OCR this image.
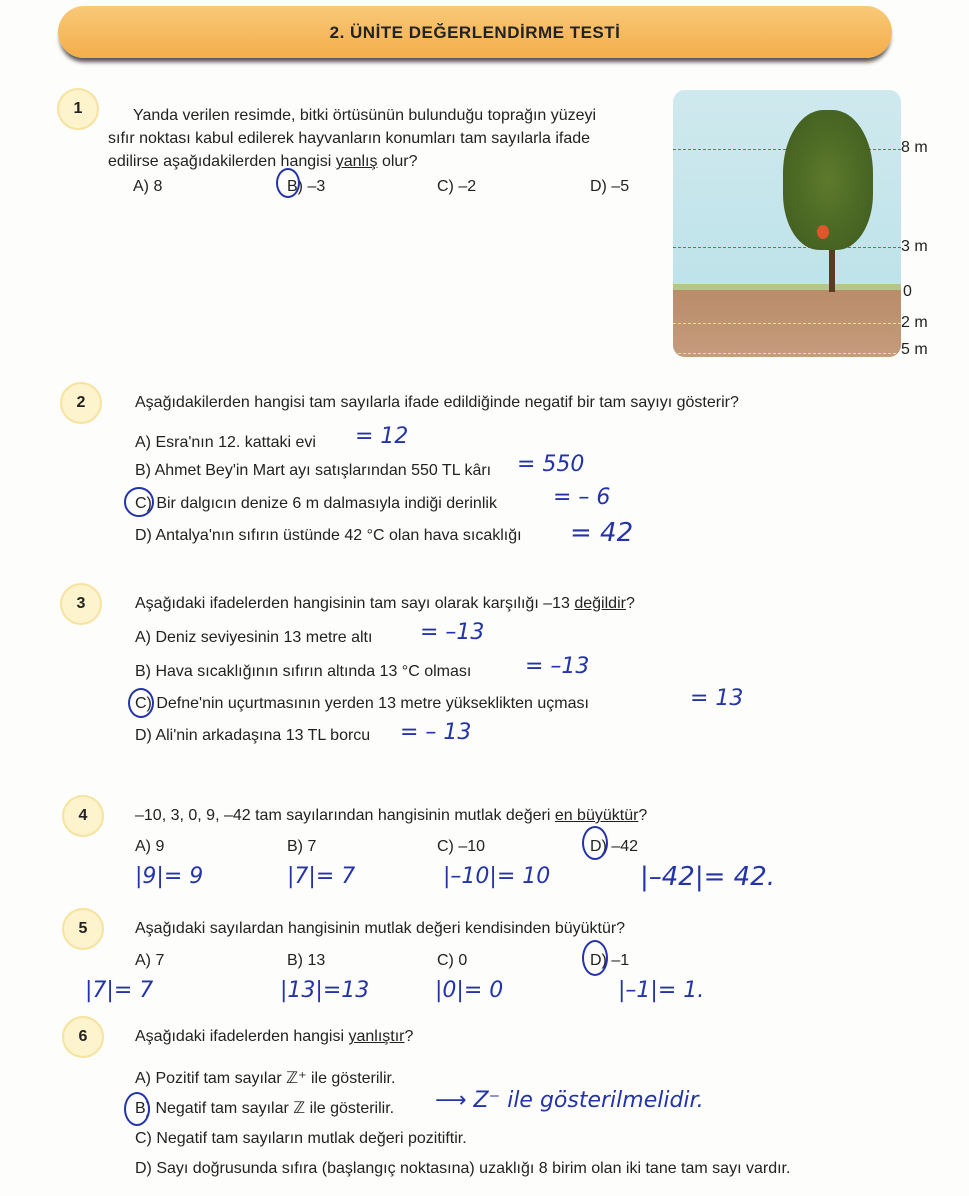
2. ÜNİTE DEĞERLENDİRME TESTİ
1	Yanda verilen resimde, bitki örtüsünün bulunduğu toprağın yüzeyi
sıfır noktası kabul edilerek hayvanların konumları tam sayılarla ifade
edilirse aşağıdakilerden hangisi yanlış olur?
A) 8	B) –3	C) –2	D) –5
8 m
3 m
0
2 m
5 m
2	Aşağıdakilerden hangisi tam sayılarla ifade edildiğinde negatif bir tam sayıyı gösterir?
A) Esra'nın 12. kattaki evi
B) Ahmet Bey'in Mart ayı satışlarından 550 TL kârı
C) Bir dalgıcın denize 6 m dalmasıyla indiği derinlik
D) Antalya'nın sıfırın üstünde 42 °C olan hava sıcaklığı
= 12
= 550
= – 6
= 42
3	Aşağıdaki ifadelerden hangisinin tam sayı olarak karşılığı –13 değildir?
A) Deniz seviyesinin 13 metre altı
B) Hava sıcaklığının sıfırın altında 13 °C olması
C) Defne'nin uçurtmasının yerden 13 metre yükseklikten uçması
D) Ali'nin arkadaşına 13 TL borcu
= –13
= –13
= 13
= – 13
4	–10, 3, 0, 9, –42 tam sayılarından hangisinin mutlak değeri en büyüktür?
A) 9	B) 7	C) –10	D) –42
|9|= 9	|7|= 7	|–10|= 10	|–42|= 42.
5	Aşağıdaki sayılardan hangisinin mutlak değeri kendisinden büyüktür?
A) 7	B) 13	C) 0	D) –1
|7|= 7	|13|=13	|0|= 0	|–1|= 1.
6	Aşağıdaki ifadelerden hangisi yanlıştır?
A) Pozitif tam sayılar ℤ⁺ ile gösterilir.
B) Negatif tam sayılar ℤ ile gösterilir.
C) Negatif tam sayıların mutlak değeri pozitiftir.
D) Sayı doğrusunda sıfıra (başlangıç noktasına) uzaklığı 8 birim olan iki tane tam sayı vardır.
⟶ Z⁻ ile gösterilmelidir.
